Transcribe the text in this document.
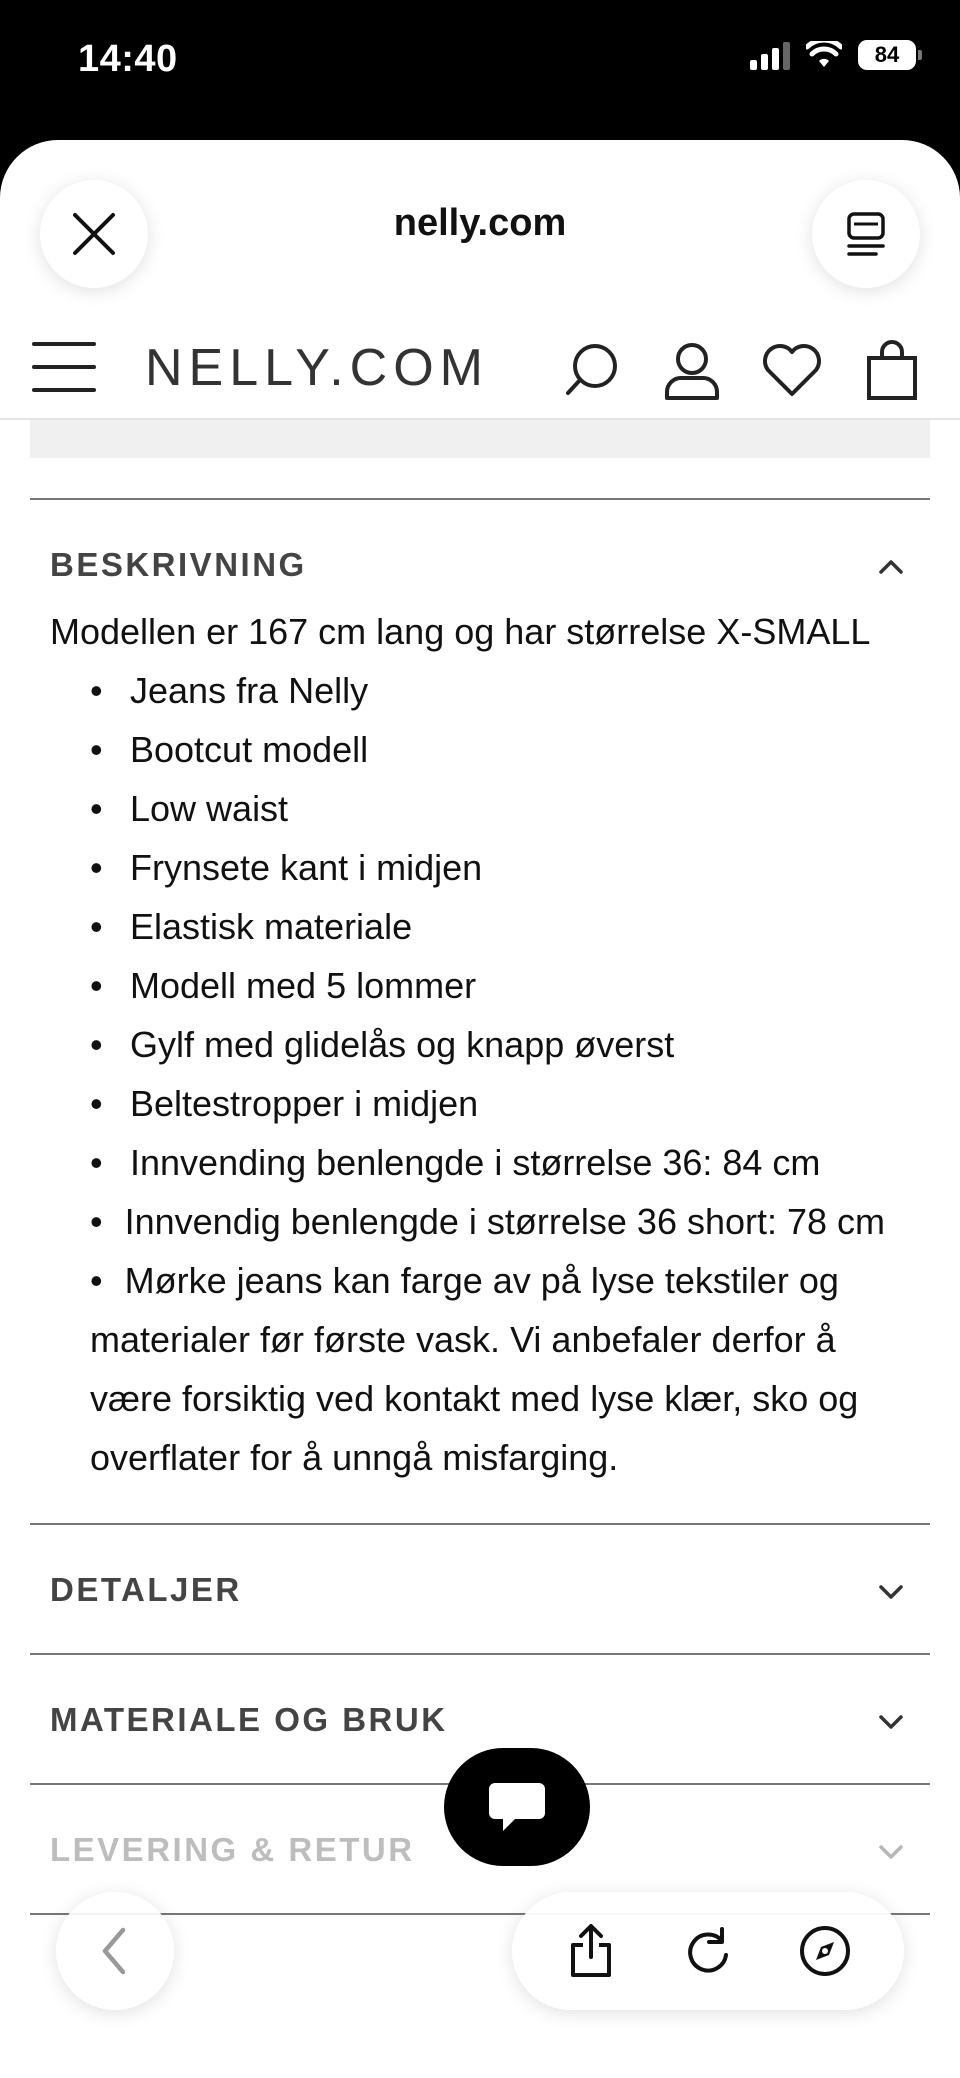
14:40	84
nelly.com
NELLY.COM
BESKRIVNING

Modellen er 167 cm lang og har størrelse X-SMALL

• Jeans fra Nelly
• Bootcut modell
• Low waist
• Frynsete kant i midjen
• Elastisk materiale
• Modell med 5 lommer
• Gylf med glidelås og knapp øverst
• Beltestropper i midjen
• Innvending benlengde i størrelse 36: 84 cm
• Innvendig benlengde i størrelse 36 short: 78 cm
• Mørke jeans kan farge av på lyse tekstiler og materialer før første vask. Vi anbefaler derfor å være forsiktig ved kontakt med lyse klær, sko og overflater for å unngå misfarging.
DETALJER
MATERIALE OG BRUK
LEVERING & RETUR
